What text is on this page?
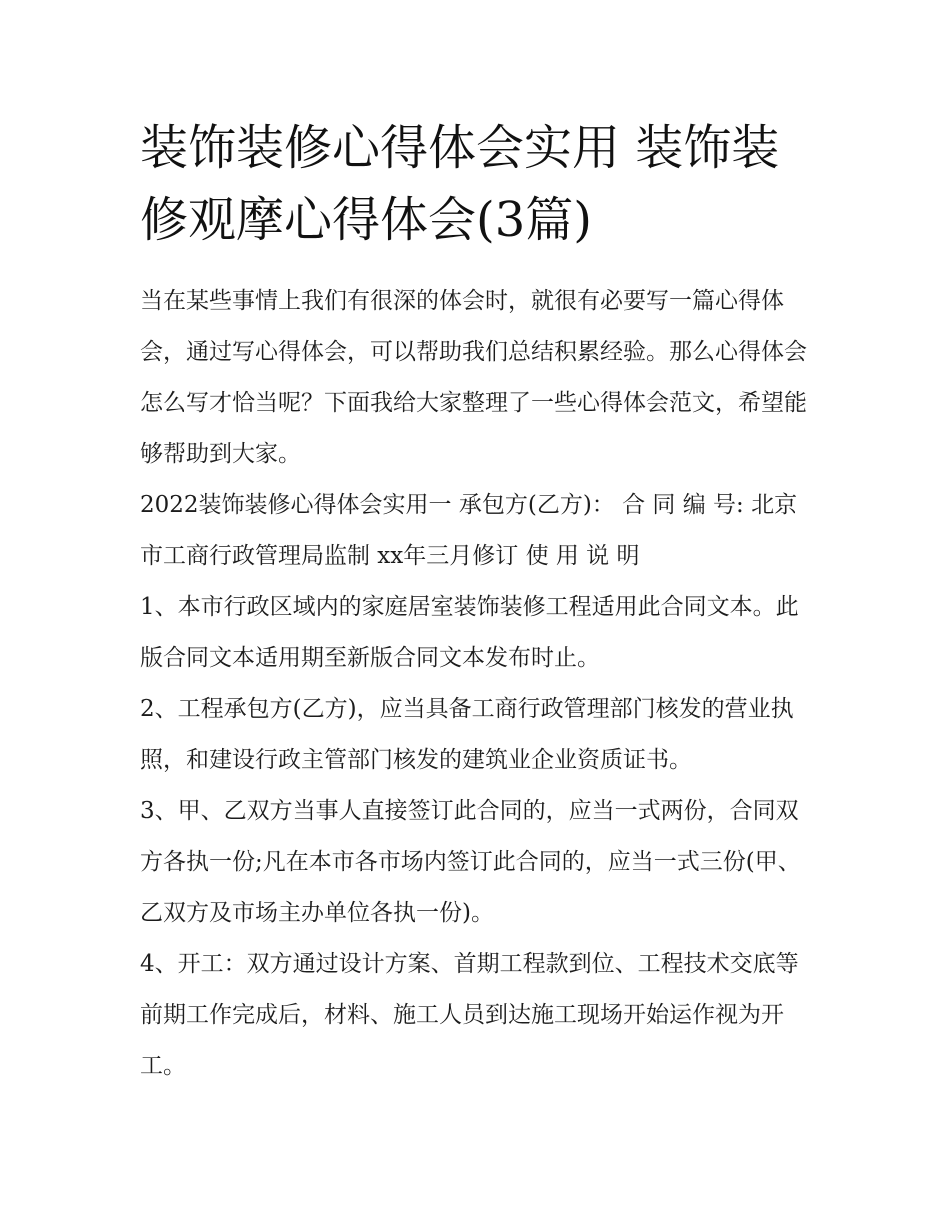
装饰装修心得体会实用 装饰装修观摩心得体会(3篇)

当在某些事情上我们有很深的体会时，就很有必要写一篇心得体会，通过写心得体会，可以帮助我们总结积累经验。那么心得体会怎么写才恰当呢？下面我给大家整理了一些心得体会范文，希望能够帮助到大家。

2022装饰装修心得体会实用一 承包方(乙方)： 合 同 编 号: 北京市工商行政管理局监制 xx年三月修订 使 用 说 明

1、本市行政区域内的家庭居室装饰装修工程适用此合同文本。此版合同文本适用期至新版合同文本发布时止。

2、工程承包方(乙方)，应当具备工商行政管理部门核发的营业执照，和建设行政主管部门核发的建筑业企业资质证书。

3、甲、乙双方当事人直接签订此合同的，应当一式两份，合同双方各执一份;凡在本市各市场内签订此合同的，应当一式三份(甲、乙双方及市场主办单位各执一份)。

4、开工：双方通过设计方案、首期工程款到位、工程技术交底等前期工作完成后，材料、施工人员到达施工现场开始运作视为开工。
